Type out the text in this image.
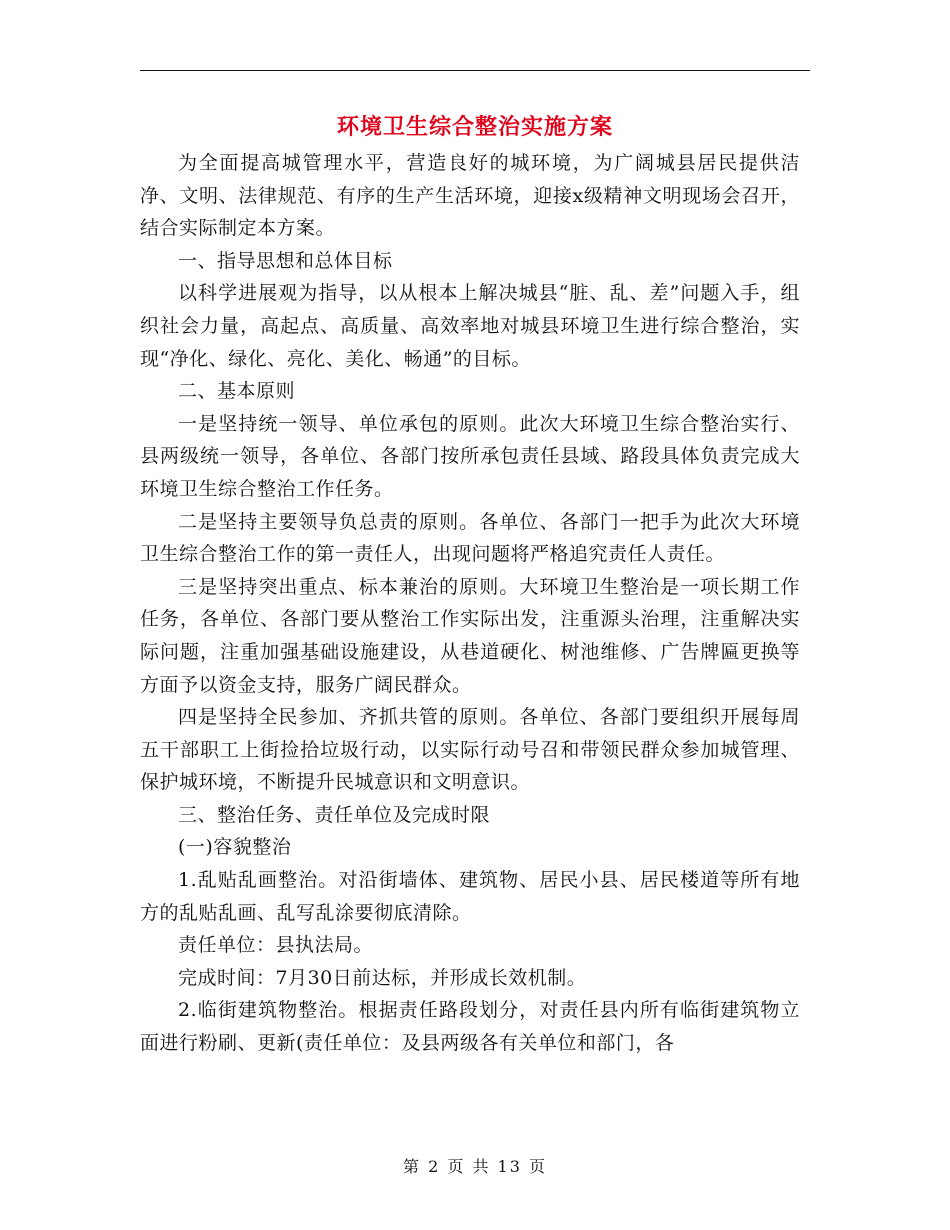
环境卫生综合整治实施方案

为全面提高城管理水平，营造良好的城环境，为广阔城县居民提供洁净、文明、法律规范、有序的生产生活环境，迎接x级精神文明现场会召开，结合实际制定本方案。

一、指导思想和总体目标

以科学进展观为指导，以从根本上解决城县“脏、乱、差”问题入手，组织社会力量，高起点、高质量、高效率地对城县环境卫生进行综合整治，实现“净化、绿化、亮化、美化、畅通”的目标。

二、基本原则

一是坚持统一领导、单位承包的原则。此次大环境卫生综合整治实行、县两级统一领导，各单位、各部门按所承包责任县域、路段具体负责完成大环境卫生综合整治工作任务。

二是坚持主要领导负总责的原则。各单位、各部门一把手为此次大环境卫生综合整治工作的第一责任人，出现问题将严格追究责任人责任。

三是坚持突出重点、标本兼治的原则。大环境卫生整治是一项长期工作任务，各单位、各部门要从整治工作实际出发，注重源头治理，注重解决实际问题，注重加强基础设施建设，从巷道硬化、树池维修、广告牌匾更换等方面予以资金支持，服务广阔民群众。

四是坚持全民参加、齐抓共管的原则。各单位、各部门要组织开展每周五干部职工上街捡拾垃圾行动，以实际行动号召和带领民群众参加城管理、保护城环境，不断提升民城意识和文明意识。

三、整治任务、责任单位及完成时限

(一)容貌整治

1.乱贴乱画整治。对沿街墙体、建筑物、居民小县、居民楼道等所有地方的乱贴乱画、乱写乱涂要彻底清除。

责任单位：县执法局。

完成时间：7月30日前达标，并形成长效机制。

2.临街建筑物整治。根据责任路段划分，对责任县内所有临街建筑物立面进行粉刷、更新(责任单位：及县两级各有关单位和部门，各

第 2 页 共 13 页
